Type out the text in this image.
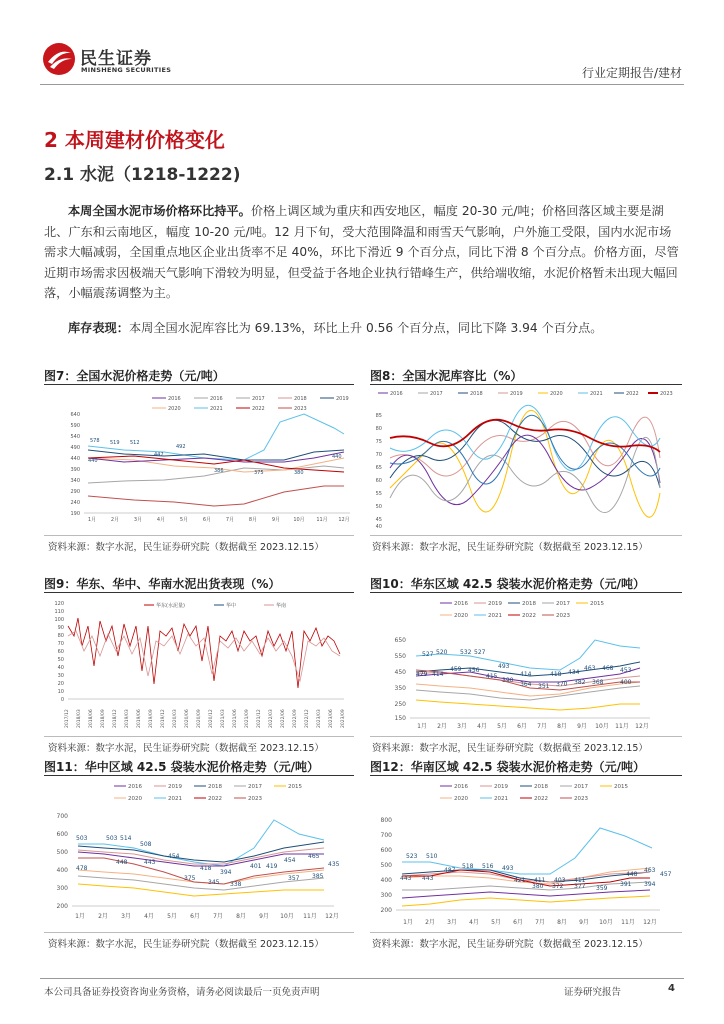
民生证券
MINSHENG SECURITIES	行业定期报告/建材
2 本周建材价格变化
2.1 水泥（1218-1222)

本周全国水泥市场价格环比持平。价格上调区域为重庆和西安地区，幅度 20-30 元/吨；价格回落区域主要是湖北、广东和云南地区，幅度 10-20 元/吨。12 月下旬，受大范围降温和雨雪天气影响，户外施工受限，国内水泥市场需求大幅减弱，全国重点地区企业出货率不足 40%，环比下滑近 9 个百分点，同比下滑 8 个百分点。价格方面，尽管近期市场需求因极端天气影响下滑较为明显，但受益于各地企业执行错峰生产，供给端收缩，水泥价格暂未出现大幅回落，小幅震荡调整为主。

库存表现：本周全国水泥库容比为 69.13%，环比上升 0.56 个百分点，同比下降 3.94 个百分点。

图7：全国水泥价格走势（元/吨）
2016	2016	2017	2018	2019
2020	2021	2022	2023
640
590
540
490
440
390
340
290
240
190
578 519 512
492
447
440
386	375	380
440
1月	2月	3月	4月	5月	6月	7月	8月	9月	10月 11月 12月
资料来源：数字水泥，民生证券研究院（数据截至 2023.12.15）
图8：全国水泥库容比（%）
2016	2017	2018	2019	2020	2021	2022	2023
85
80
75
70
65
60
55
50
45
40
资料来源：数字水泥，民生证券研究院（数据截至 2023.12.15）
图9：华东、华中、华南水泥出货表现（%）
华东(水泥量)	华中	华南
120
110
100
90
80
70
60
50
40
30
20
10
0
2017/12 2018/03 2018/06 2018/09 2018/12 2019/03 2019/06 2019/09 2019/12 2020/03 2020/06 2020/09 2020/12 2021/03 2021/06 2021/09 2021/12 2022/03 2022/06 2022/09 2022/12 2023/03 2023/06 2023/09
资料来源：数字水泥，民生证券研究院（数据截至 2023.12.15）
图10：华东区域 42.5 袋装水泥价格走势（元/吨）
2016	2019	2018	2017	2015
2020	2021	2022	2023
650
550
450
350
250
150
527 520 532 527
493
429 414
459 456
415
390
364 351 370
414	418 434
463 468 453
382 368	400
1月 2月 3月 4月 5月 6月 7月 8月 9月 10月 11月 12月
资料来源：数字水泥，民生证券研究院（数据截至 2023.12.15）
图11：华中区域 42.5 袋装水泥价格走势（元/吨）
2016	2019	2018	2017	2015
2020	2021	2022	2023
700
600
500
400
300
200
503	503 514
508
448	443
478
454
418
394
375
345 338
401 419
454
465
435
357 385
1月 2月 3月 4月 5月 6月 7月 8月 9月 10月 11月 12月
资料来源：数字水泥，民生证券研究院（数据截至 2023.12.15）
图12：华南区域 42.5 袋装水泥价格走势（元/吨）
2016	2019	2018	2017	2015
2020	2021	2022	2023
800
700
600
500
400
300
200
523 510
443 443
487
518 516 493
421 411 403 411
448
463
457
380 372 377 359
391 394
1月 2月 3月 4月 5月 6月 7月 8月 9月 10月 11月 12月
资料来源：数字水泥，民生证券研究院（数据截至 2023.12.15）
本公司具备证券投资咨询业务资格，请务必阅读最后一页免责声明	证券研究报告	4
